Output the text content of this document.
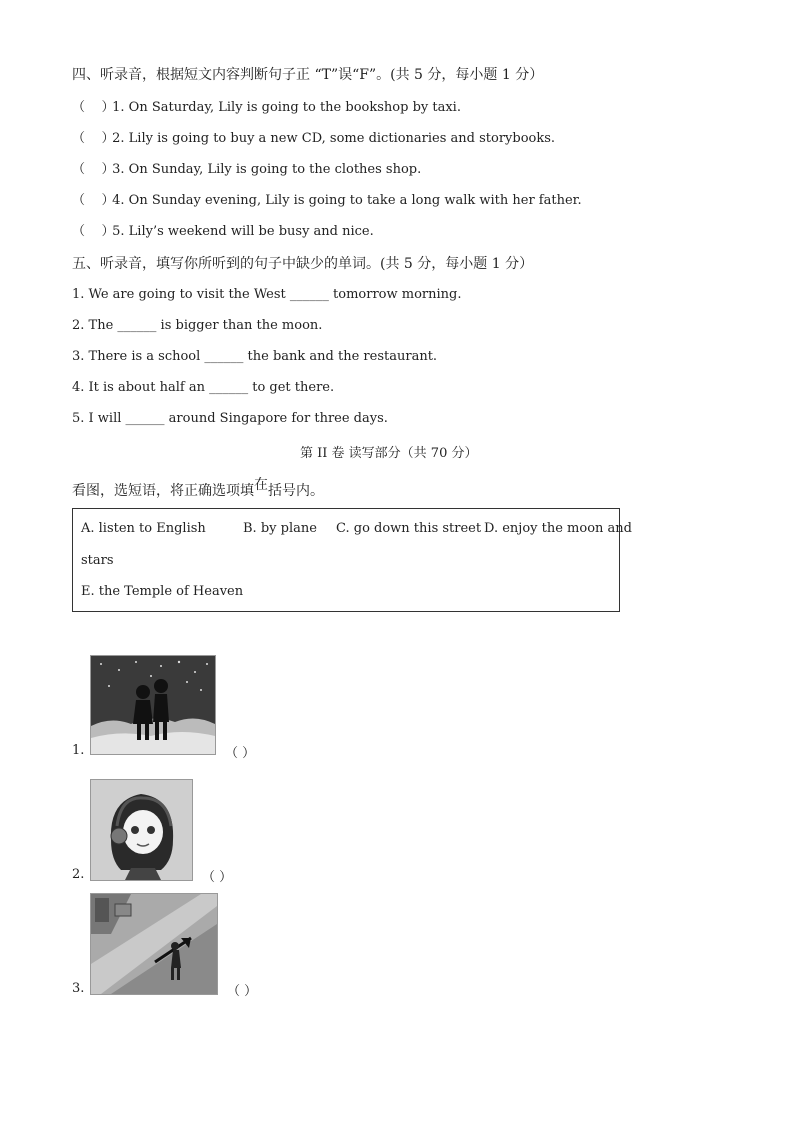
四、听录音，根据短文内容判断句子正 “T”误“F”。(共 5 分，每小题 1 分）
（ ） 1. On Saturday, Lily is going to the bookshop by taxi.
（ ） 2. Lily is going to buy a new CD, some dictionaries and storybooks.
（ ） 3. On Sunday, Lily is going to the clothes shop.
（ ） 4. On Sunday evening, Lily is going to take a long walk with her father.
（ ） 5. Lily’s weekend will be busy and nice.
五、听录音，填写你所听到的句子中缺少的单词。(共 5 分，每小题 1 分）
1. We are going to visit the West ______ tomorrow morning.
2. The ______ is bigger than the moon.
3. There is a school ______ the bank and the restaurant.
4. It is about half an ______ to get there.
5. I will ______ around Singapore for three days.
第 II 卷 读写部分（共 70 分）
看图，选短语，将正确选项填在括号内。
A. listen to English	B. by plane C. go down this street D. enjoy the moon and
stars
E. the Temple of Heaven
1.	（ ）
2.	（ ）
3.	（ ）
